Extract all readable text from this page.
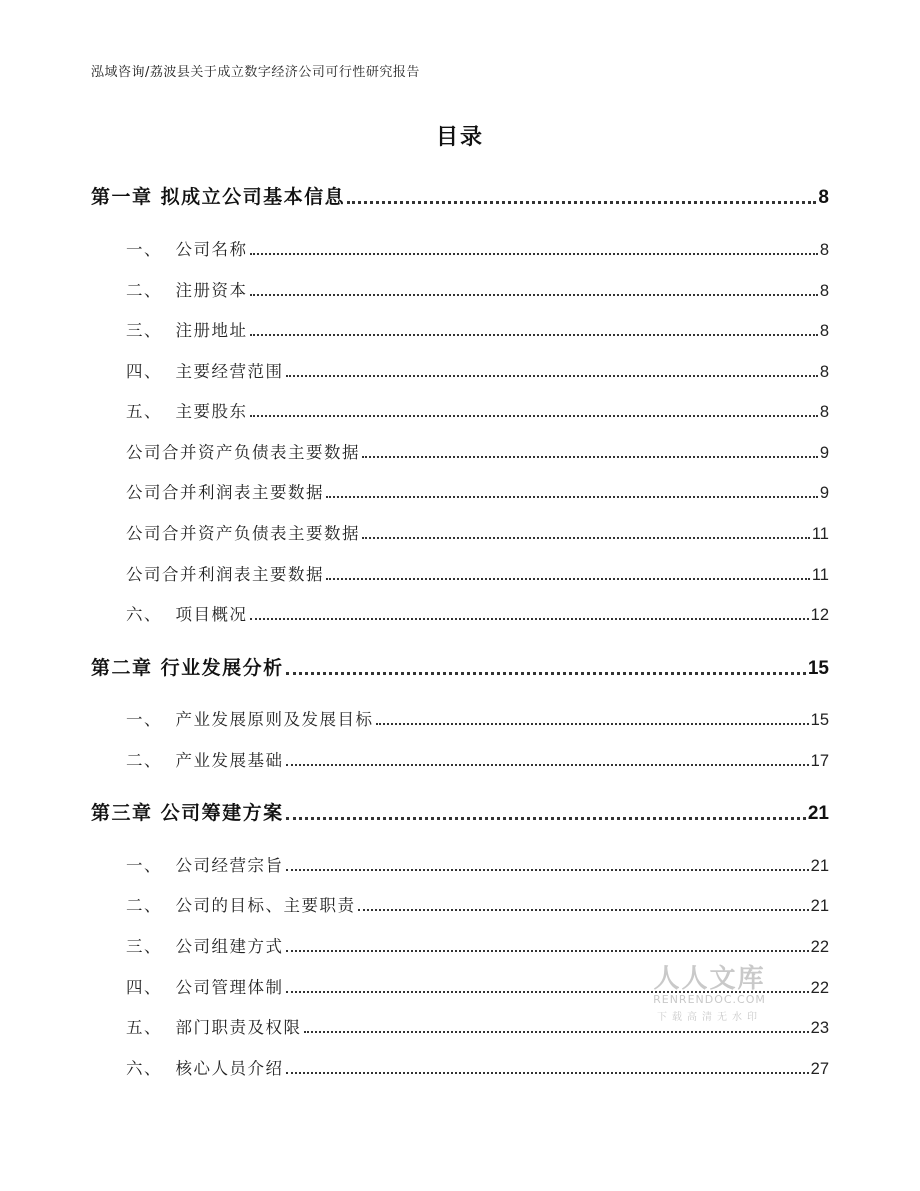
泓域咨询/荔波县关于成立数字经济公司可行性研究报告
目录
第一章 拟成立公司基本信息	8
一、  公司名称	8
二、  注册资本	8
三、  注册地址	8
四、  主要经营范围	8
五、  主要股东	8
公司合并资产负债表主要数据	9
公司合并利润表主要数据	9
公司合并资产负债表主要数据	11
公司合并利润表主要数据	11
六、  项目概况	12
第二章 行业发展分析	15
一、  产业发展原则及发展目标	15
二、  产业发展基础	17
第三章 公司筹建方案	21
一、  公司经营宗旨	21
二、  公司的目标、主要职责	21
三、  公司组建方式	22
四、  公司管理体制	22
五、  部门职责及权限	23
六、  核心人员介绍	27
人人文库
RENRENDOC.COM
下载高清无水印
